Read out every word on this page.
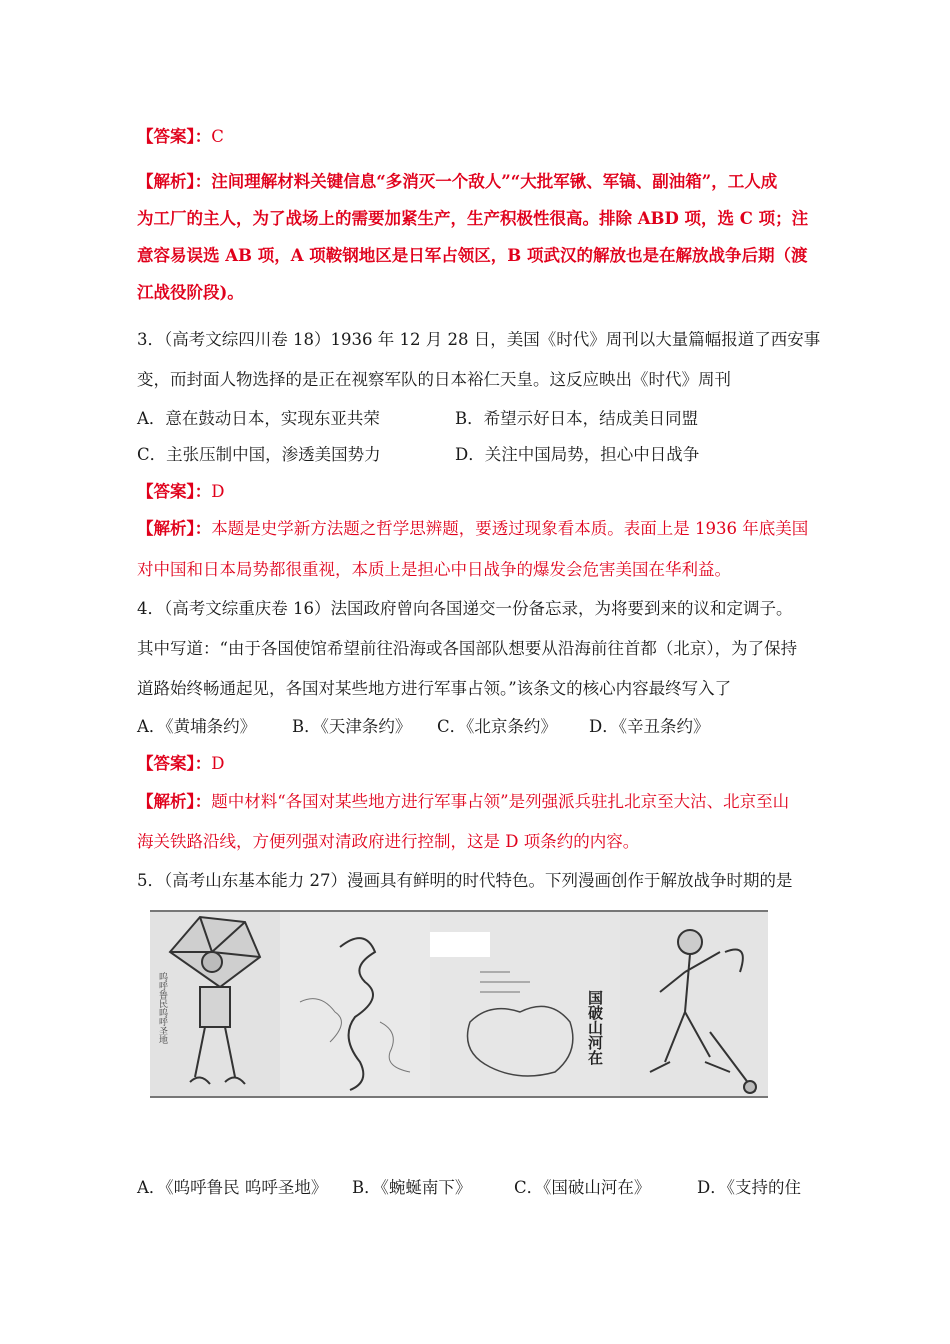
【答案】：C
【解析】：注间理解材料关键信息“多消灭一个敌人”“大批军锹、军镐、副油箱”，工人成
为工厂的主人，为了战场上的需要加紧生产，生产积极性很高。排除 ABD 项，选 C 项；注
意容易误选 AB 项，A 项鞍钢地区是日军占领区，B 项武汉的解放也是在解放战争后期（渡
江战役阶段)。
3．（高考文综四川卷 18）1936 年 12 月 28 日，美国《时代》周刊以大量篇幅报道了西安事
变，而封面人物选择的是正在视察军队的日本裕仁天皇。这反应映出《时代》周刊
A．意在鼓动日本，实现东亚共荣	B．希望示好日本，结成美日同盟
C．主张压制中国，渗透美国势力	D．关注中国局势，担心中日战争
【答案】：D
【解析】：本题是史学新方法题之哲学思辨题，要透过现象看本质。表面上是 1936 年底美国
对中国和日本局势都很重视，本质上是担心中日战争的爆发会危害美国在华利益。
4．（高考文综重庆卷 16）法国政府曾向各国递交一份备忘录，为将要到来的议和定调子。
其中写道：“由于各国使馆希望前往沿海或各国部队想要从沿海前往首都（北京），为了保持
道路始终畅通起见，各国对某些地方进行军事占领。”该条文的核心内容最终写入了
A．《黄埔条约》 B．《天津条约》 C．《北京条约》 D．《辛丑条约》
【答案】：D
【解析】：题中材料“各国对某些地方进行军事占领”是列强派兵驻扎北京至大沽、北京至山
海关铁路沿线，方便列强对清政府进行控制，这是 D 项条约的内容。
5．（高考山东基本能力 27）漫画具有鲜明的时代特色。下列漫画创作于解放战争时期的是
呜呼鲁民呜呼圣地	国破山河在
A．《呜呼鲁民 呜呼圣地》 B．《蜿蜒南下》	C．《国破山河在》	D．《支持的住
